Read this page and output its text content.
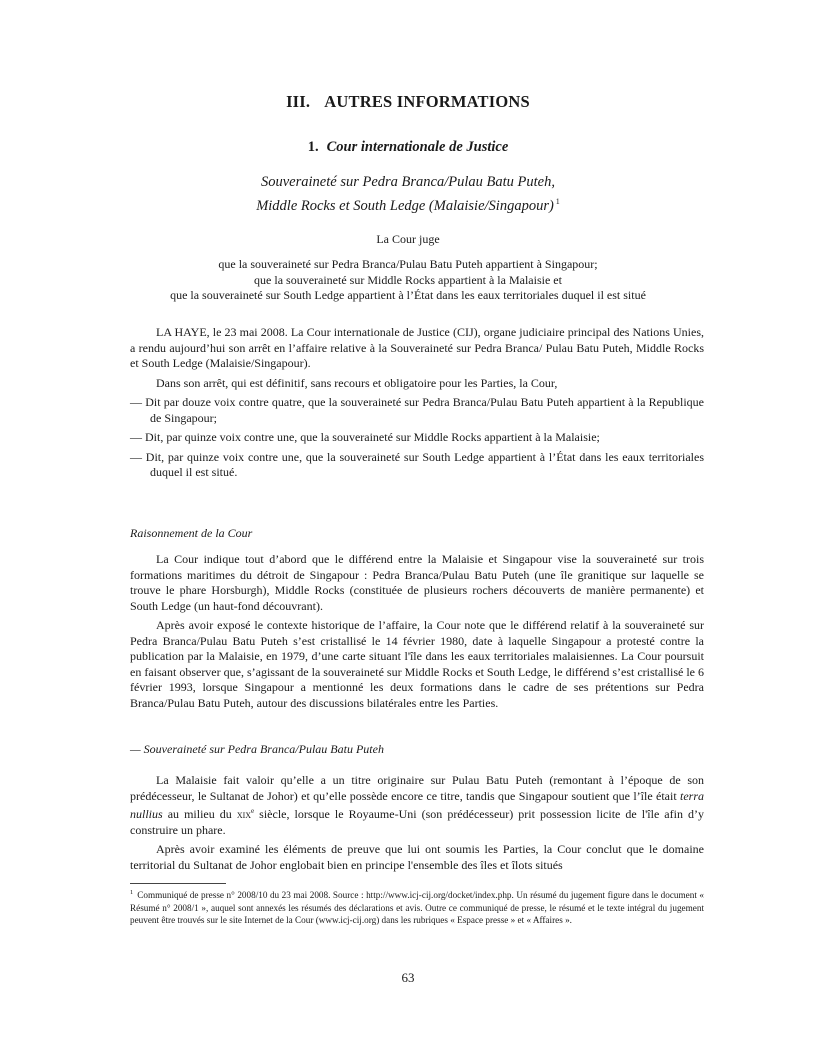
III. AUTRES INFORMATIONS
1. Cour internationale de Justice
Souveraineté sur Pedra Branca/Pulau Batu Puteh,
Middle Rocks et South Ledge (Malaisie/Singapour) $^1$
La Cour juge
que la souveraineté sur Pedra Branca/Pulau Batu Puteh appartient à Singapour;
que la souveraineté sur Middle Rocks appartient à la Malaisie et
que la souveraineté sur South Ledge appartient à l’État dans les eaux territoriales duquel il est situé

LA HAYE, le 23 mai 2008. La Cour internationale de Justice (CIJ), organe judiciaire principal des Nations Unies, a rendu aujourd’hui son arrêt en l’affaire relative à la Souveraineté sur Pedra Branca/ Pulau Batu Puteh, Middle Rocks et South Ledge (Malaisie/Singapour).

Dans son arrêt, qui est définitif, sans recours et obligatoire pour les Parties, la Cour,

— Dit par douze voix contre quatre, que la souveraineté sur Pedra Branca/Pulau Batu Puteh appartient à la Republique de Singapour;
— Dit, par quinze voix contre une, que la souveraineté sur Middle Rocks appartient à la Malaisie;
— Dit, par quinze voix contre une, que la souveraineté sur South Ledge appartient à l’État dans les eaux territoriales duquel il est situé.
Raisonnement de la Cour

La Cour indique tout d’abord que le différend entre la Malaisie et Singapour vise la souveraineté sur trois formations maritimes du détroit de Singapour : Pedra Branca/Pulau Batu Puteh (une île granitique sur laquelle se trouve le phare Horsburgh), Middle Rocks (constituée de plusieurs rochers découverts de manière permanente) et South Ledge (un haut-fond découvrant).

Après avoir exposé le contexte historique de l’affaire, la Cour note que le différend relatif à la souveraineté sur Pedra Branca/Pulau Batu Puteh s’est cristallisé le 14 février 1980, date à laquelle Singapour a protesté contre la publication par la Malaisie, en 1979, d’une carte situant l'île dans les eaux territoriales malaisiennes. La Cour poursuit en faisant observer que, s’agissant de la souveraineté sur Middle Rocks et South Ledge, le différend s’est cristallisé le 6 février 1993, lorsque Singapour a mentionné les deux formations dans le cadre de ses prétentions sur Pedra Branca/Pulau Batu Puteh, autour des discussions bilatérales entre les Parties.

— Souveraineté sur Pedra Branca/Pulau Batu Puteh

La Malaisie fait valoir qu’elle a un titre originaire sur Pulau Batu Puteh (remontant à l’époque de son prédécesseur, le Sultanat de Johor) et qu’elle possède encore ce titre, tandis que Singapour soutient que l’île était terra nullius au milieu du xix$^e$ siècle, lorsque le Royaume-Uni (son prédécesseur) prit possession licite de l'île afin d’y construire un phare.

Après avoir examiné les éléments de preuve que lui ont soumis les Parties, la Cour conclut que le domaine territorial du Sultanat de Johor englobait bien en principe l'ensemble des îles et îlots situés

$^1$ Communiqué de presse n° 2008/10 du 23 mai 2008. Source : http://www.icj-cij.org/docket/index.php. Un résumé du jugement figure dans le document « Résumé n° 2008/1 », auquel sont annexés les résumés des déclarations et avis. Outre ce communiqué de presse, le résumé et le texte intégral du jugement peuvent être trouvés sur le site Internet de la Cour (www.icj-cij.org) dans les rubriques « Espace presse » et « Affaires ».
63
